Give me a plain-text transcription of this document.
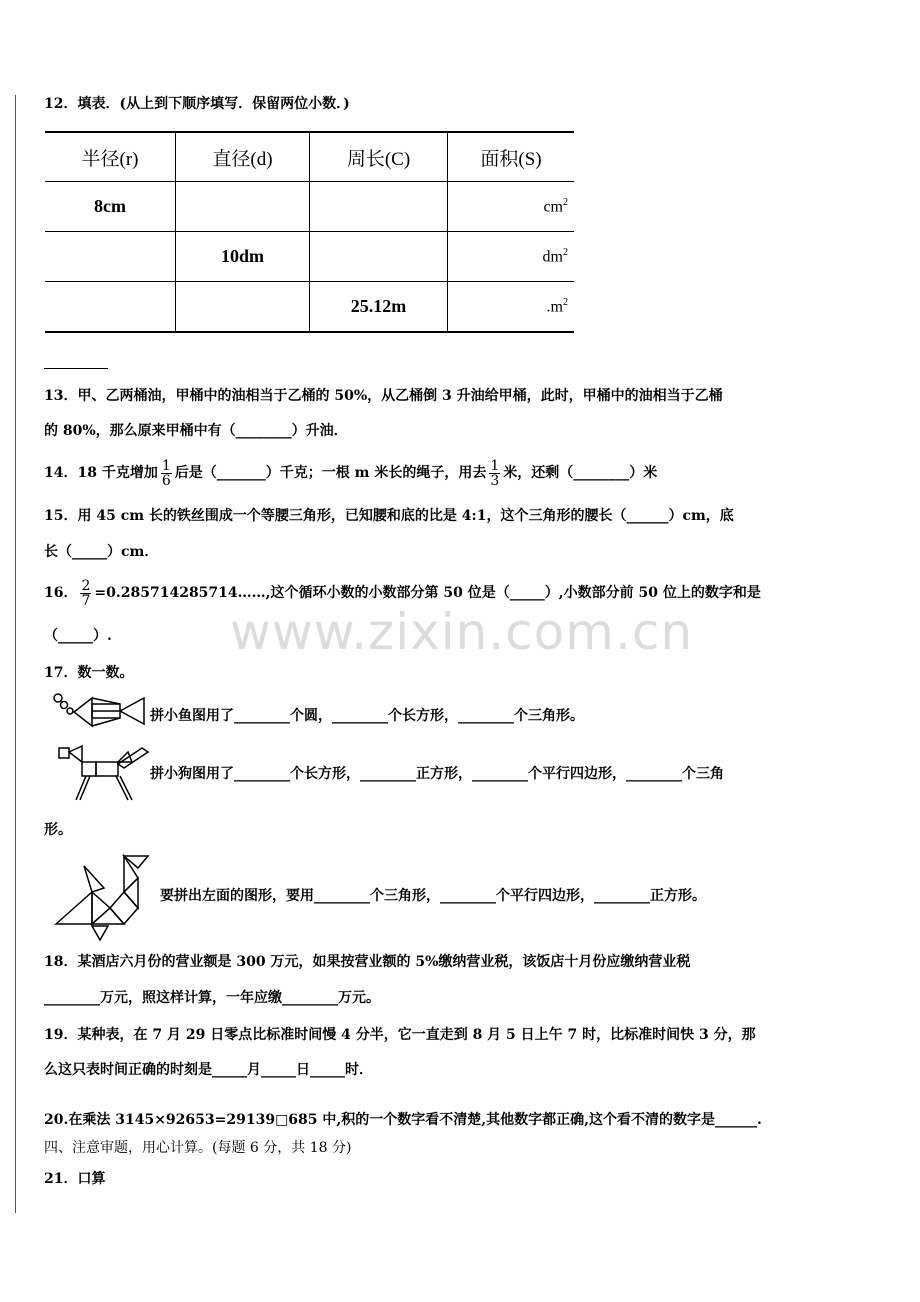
www.zixin.com.cn
12．填表．(从上到下顺序填写．保留两位小数．)
半径(r)	直径(d)	周长(C)	面积(S)
8cm			$cm^2$
	10dm		$dm^2$
		25.12m	$.m^2$
13．甲、乙两桶油，甲桶中的油相当于乙桶的 50%，从乙桶倒 3 升油给甲桶，此时，甲桶中的油相当于乙桶
的 80%，那么原来甲桶中有（________）升油．
14．18 千克增加 $\frac{1}{6}$ 后是（_______）千克；一根 m 米长的绳子，用去 $\frac{1}{3}$ 米，还剩（________）米
15．用 45 cm 长的铁丝围成一个等腰三角形，已知腰和底的比是 4:1，这个三角形的腰长（______）cm，底
长（_____）cm．
16． $\frac{2}{7}$ =0.285714285714……,这个循环小数的小数部分第 50 位是（_____）,小数部分前 50 位上的数字和是
（_____）.
17．数一数。
拼小鱼图用了________个圆，________个长方形，________个三角形。
拼小狗图用了________个长方形，________正方形，________个平行四边形，________个三角
形。
要拼出左面的图形，要用________个三角形，________个平行四边形，________正方形。
18．某酒店六月份的营业额是 300 万元，如果按营业额的 5%缴纳营业税，该饭店十月份应缴纳营业税
________万元，照这样计算，一年应缴________万元。
19．某种表，在 7 月 29 日零点比标准时间慢 4 分半，它一直走到 8 月 5 日上午 7 时，比标准时间快 3 分，那
么这只表时间正确的时刻是_____月_____日_____时．
20.在乘法 3145×92653=29139□685 中,积的一个数字看不清楚,其他数字都正确,这个看不清的数字是______.
四、注意审题，用心计算。(每题 6 分，共 18 分)
21．口算
